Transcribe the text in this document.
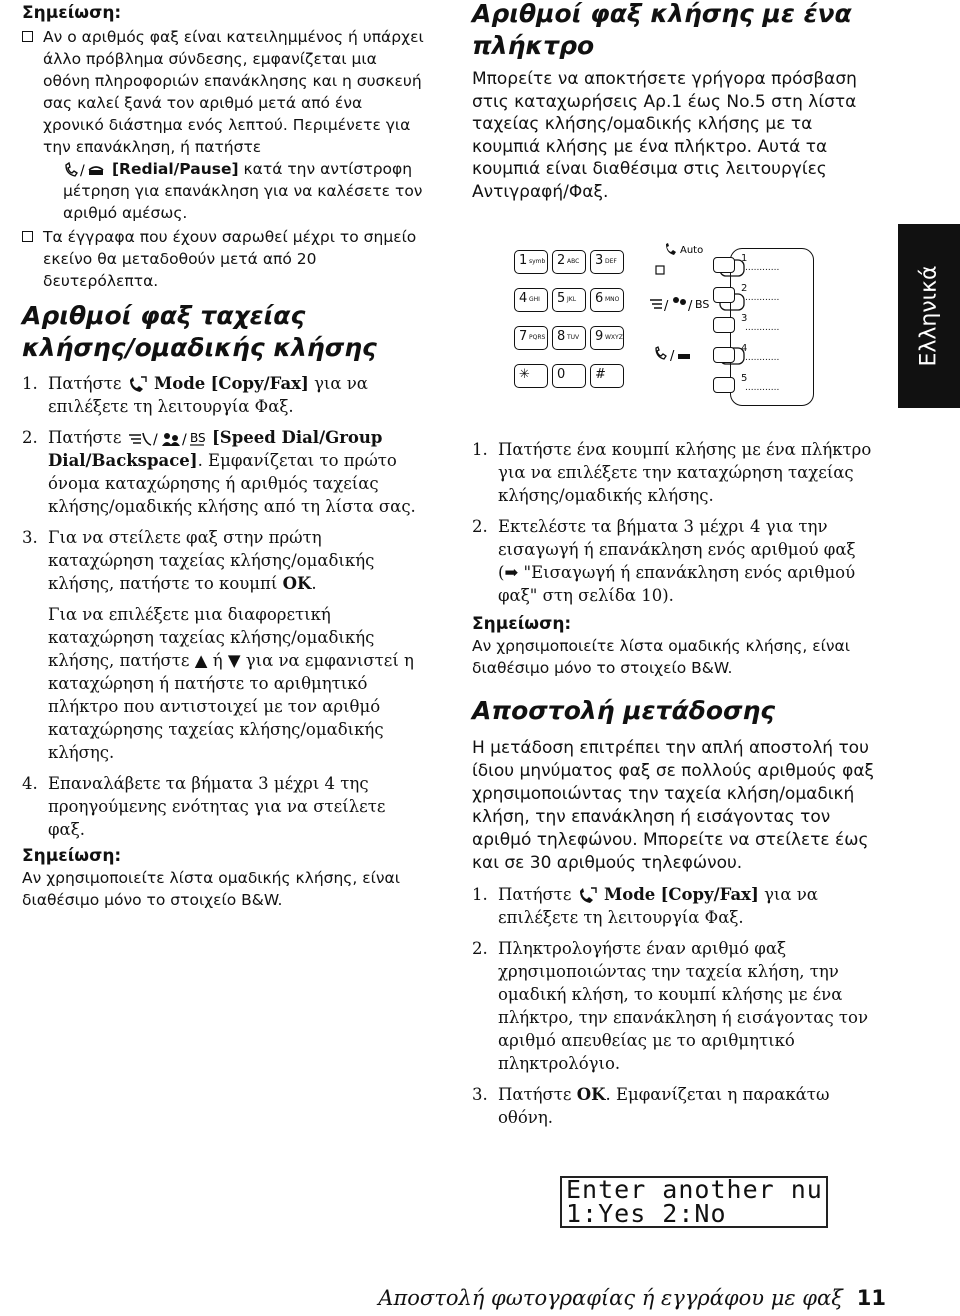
Σημείωση:

Αν ο αριθμός φαξ είναι κατειλημμένος ή υπάρχει άλλο πρόβλημα σύνδεσης, εμφανίζεται μια οθόνη πληροφοριών επανάκλησης και η συσκευή σας καλεί ξανά τον αριθμό μετά από ένα χρονικό διάστημα ενός λεπτού. Περιμένετε για την επανάκληση, ή πατήστε
/ [Redial/Pause] κατά την αντίστροφη μέτρηση για επανάκληση για να καλέσετε τον αριθμό αμέσως.
Τα έγγραφα που έχουν σαρωθεί μέχρι το σημείο εκείνο θα μεταδοθούν μετά από 20 δευτερόλεπτα.
Αριθμοί φαξ ταχείας
κλήσης/ομαδικής κλήσης
1. Πατήστε Mode [Copy/Fax] για να επιλέξετε τη λειτουργία Φαξ.
2. Πατήστε / / BS [Speed Dial/Group Dial/Backspace]. Εμφανίζεται το πρώτο όνομα καταχώρησης ή αριθμός ταχείας κλήσης/ομαδικής κλήσης από τη λίστα σας.
3. Για να στείλετε φαξ στην πρώτη καταχώρηση ταχείας κλήσης/ομαδικής κλήσης, πατήστε το κουμπί OK.
Για να επιλέξετε μια διαφορετική καταχώρηση ταχείας κλήσης/ομαδικής κλήσης, πατήστε ▲ ή ▼ για να εμφανιστεί η καταχώρηση ή πατήστε το αριθμητικό πλήκτρο που αντιστοιχεί με τον αριθμό καταχώρησης ταχείας κλήσης/ομαδικής κλήσης.
4. Επαναλάβετε τα βήματα 3 μέχρι 4 της προηγούμενης ενότητας για να στείλετε φαξ.

Σημείωση:

Αν χρησιμοποιείτε λίστα ομαδικής κλήσης, είναι διαθέσιμο μόνο το στοιχείο B&W.
Αριθμοί φαξ κλήσης με ένα
πλήκτρο
Μπορείτε να αποκτήσετε γρήγορα πρόσβαση στις καταχωρήσεις Αρ.1 έως Νο.5 στη λίστα ταχείας κλήσης/ομαδικής κλήσης με τα κουμπιά κλήσης με ένα πλήκτρο. Αυτά τα κουμπιά είναι διαθέσιμα στις λειτουργίες Αντιγραφή/Φαξ.
1. Πατήστε ένα κουμπί κλήσης με ένα πλήκτρο για να επιλέξετε την καταχώρηση ταχείας κλήσης/ομαδικής κλήσης.
2. Εκτελέστε τα βήματα 3 μέχρι 4 για την εισαγωγή ή επανάκληση ενός αριθμού φαξ (➡ "Εισαγωγή ή επανάκληση ενός αριθμού φαξ" στη σελίδα 10).

Σημείωση:

Αν χρησιμοποιείτε λίστα ομαδικής κλήσης, είναι διαθέσιμο μόνο το στοιχείο B&W.
Αποστολή μετάδοσης
Η μετάδοση επιτρέπει την απλή αποστολή του ίδιου μηνύματος φαξ σε πολλούς αριθμούς φαξ χρησιμοποιώντας την ταχεία κλήση/ομαδική κλήση, την επανάκληση ή εισάγοντας τον αριθμό τηλεφώνου. Μπορείτε να στείλετε έως και σε 30 αριθμούς τηλεφώνου.
1. Πατήστε Mode [Copy/Fax] για να επιλέξετε τη λειτουργία Φαξ.
2. Πληκτρολογήστε έναν αριθμό φαξ χρησιμοποιώντας την ταχεία κλήση, την ομαδική κλήση, το κουμπί κλήσης με ένα πλήκτρο, την επανάκληση ή εισάγοντας τον αριθμό απευθείας με το αριθμητικό πληκτρολόγιο.
3. Πατήστε OK. Εμφανίζεται η παρακάτω οθόνη.
1 symb 2 ABC 3 DEF
4 GHI 5 JKL 6 MNO
7 PQRS 8 TUV 9 WXYZ
✳ 0 #
Auto
/ / BS
/
1
............
2
............
3
............
4
............
5
............
Enter another nu
1:Yes 2:No
Ελληνικά
Αποστολή φωτογραφίας ή εγγράφου με φαξ 11
